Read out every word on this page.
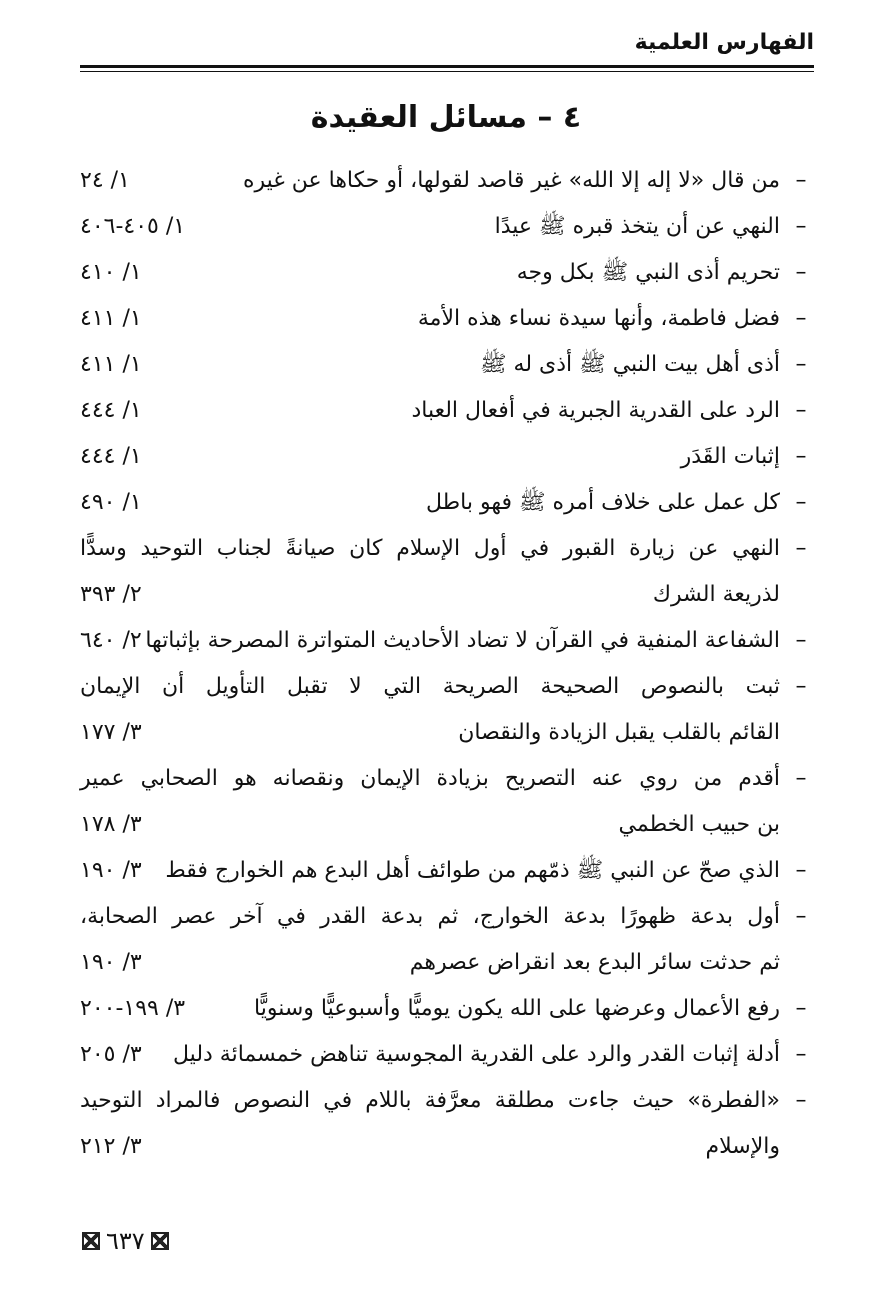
الفهارس العلمية
٤ – مسائل العقيدة
–
من قال «لا إله إلا الله» غير قاصد لقولها، أو حكاها عن غيره
١/ ٢٤
–
النهي عن أن يتخذ قبره ﷺ عيدًا
١/ ٤٠٥-٤٠٦
–
تحريم أذى النبي ﷺ بكل وجه
١/ ٤١٠
–
فضل فاطمة، وأنها سيدة نساء هذه الأمة
١/ ٤١١
–
أذى أهل بيت النبي ﷺ أذى له ﷺ
١/ ٤١١
–
الرد على القدرية الجبرية في أفعال العباد
١/ ٤٤٤
–
إثبات القَدَر
١/ ٤٤٤
–
كل عمل على خلاف أمره ﷺ فهو باطل
١/ ٤٩٠
–
النهي عن زيارة القبور في أول الإسلام كان صيانةً لجناب التوحيد وسدًّا
لذريعة الشرك
٢/ ٣٩٣
–
الشفاعة المنفية في القرآن لا تضاد الأحاديث المتواترة المصرحة بإثباتها
٢/ ٦٤٠
–
ثبت بالنصوص الصحيحة الصريحة التي لا تقبل التأويل أن الإيمان
القائم بالقلب يقبل الزيادة والنقصان
٣/ ١٧٧
–
أقدم من روي عنه التصريح بزيادة الإيمان ونقصانه هو الصحابي عمير
بن حبيب الخطمي
٣/ ١٧٨
–
الذي صحّ عن النبي ﷺ ذمّهم من طوائف أهل البدع هم الخوارج فقط
٣/ ١٩٠
–
أول بدعة ظهورًا بدعة الخوارج، ثم بدعة القدر في آخر عصر الصحابة،
ثم حدثت سائر البدع بعد انقراض عصرهم
٣/ ١٩٠
–
رفع الأعمال وعرضها على الله يكون يوميًّا وأسبوعيًّا وسنويًّا
٣/ ١٩٩-٢٠٠
–
أدلة إثبات القدر والرد على القدرية المجوسية تناهض خمسمائة دليل
٣/ ٢٠٥
–
«الفطرة» حيث جاءت مطلقة معرَّفة باللام في النصوص فالمراد التوحيد
والإسلام
٣/ ٢١٢
٦٣٧
